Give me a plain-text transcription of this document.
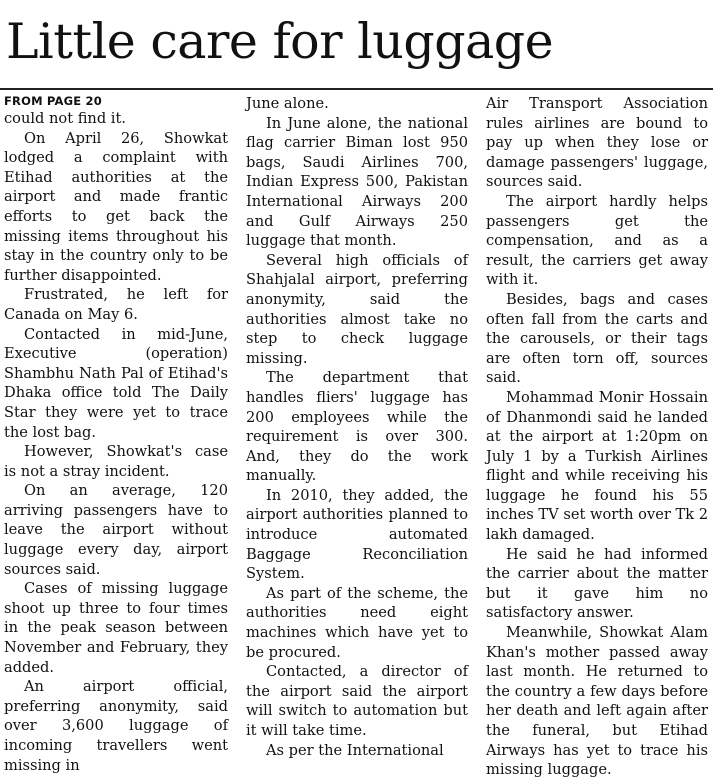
Little care for luggage
FROM PAGE 20

could not find it.

On April 26, Showkat lodged a complaint with Etihad authorities at the airport and made frantic efforts to get back the missing items throughout his stay in the country only to be further disappointed.

Frustrated, he left for Canada on May 6.

Contacted in mid-June, Executive (operation) Shambhu Nath Pal of Etihad's Dhaka office told The Daily Star they were yet to trace the lost bag.

However, Showkat's case is not a stray incident.

On an average, 120 arriving passengers have to leave the airport without luggage every day, airport sources said.

Cases of missing luggage shoot up three to four times in the peak season between November and February, they added.

An airport official, preferring anonymity, said over 3,600 luggage of incoming travellers went missing in

June alone.

In June alone, the national flag carrier Biman lost 950 bags, Saudi Airlines 700, Indian Express 500, Pakistan International Airways 200 and Gulf Airways 250 luggage that month.

Several high officials of Shahjalal airport, preferring anonymity, said the authorities almost take no step to check luggage missing.

The department that handles fliers' luggage has 200 employees while the requirement is over 300. And, they do the work manually.

In 2010, they added, the airport authorities planned to introduce automated Baggage Reconciliation System.

As part of the scheme, the authorities need eight machines which have yet to be procured.

Contacted, a director of the airport said the airport will switch to automation but it will take time.

As per the International

Air Transport Association rules airlines are bound to pay up when they lose or damage passengers' luggage, sources said.

The airport hardly helps passengers get the compensation, and as a result, the carriers get away with it.

Besides, bags and cases often fall from the carts and the carousels, or their tags are often torn off, sources said.

Mohammad Monir Hossain of Dhanmondi said he landed at the airport at 1:20pm on July 1 by a Turkish Airlines flight and while receiving his luggage he found his 55 inches TV set worth over Tk 2 lakh damaged.

He said he had informed the carrier about the matter but it gave him no satisfactory answer.

Meanwhile, Showkat Alam Khan's mother passed away last month. He returned to the country a few days before her death and left again after the funeral, but Etihad Airways has yet to trace his missing luggage.
